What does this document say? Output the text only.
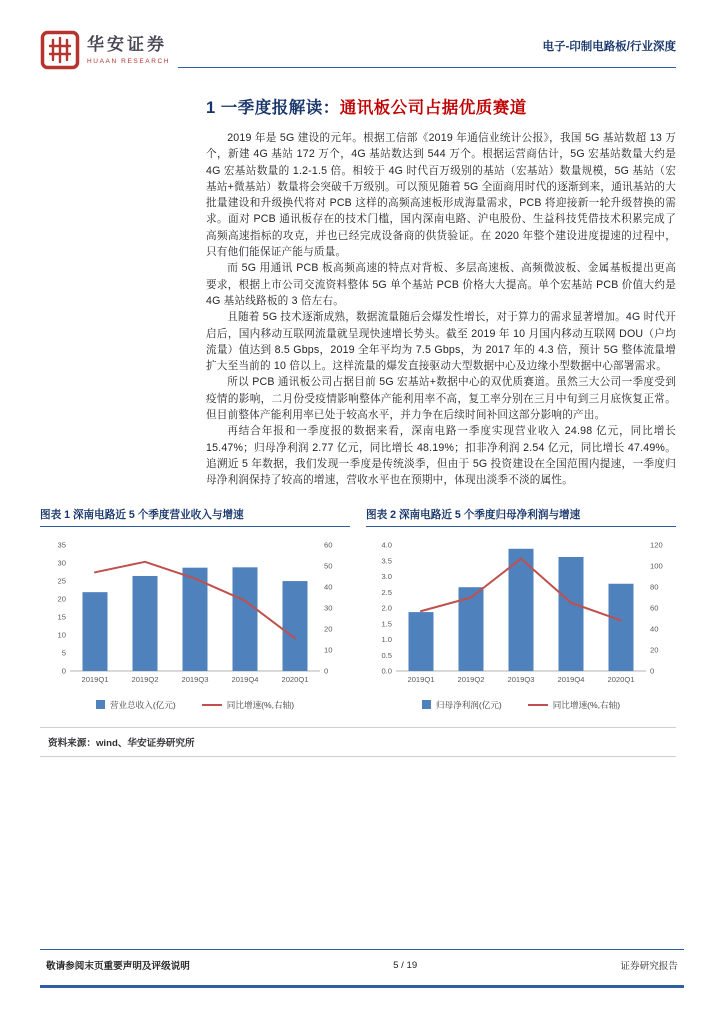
华安证券
HUAAN RESEARCH
电子-印制电路板/行业深度
1 一季度报解读：通讯板公司占据优质赛道

2019 年是 5G 建设的元年。根据工信部《2019 年通信业统计公报》，我国 5G 基站数超 13 万个，新建 4G 基站 172 万个，4G 基站数达到 544 万个。根据运营商估计，5G 宏基站数量大约是 4G 宏基站数量的 1.2-1.5 倍。相较于 4G 时代百万级别的基站（宏基站）数量规模，5G 基站（宏基站+微基站）数量将会突破千万级别。可以预见随着 5G 全面商用时代的逐渐到来，通讯基站的大批量建设和升级换代将对 PCB 这样的高频高速板形成海量需求，PCB 将迎接新一轮升级替换的需求。面对 PCB 通讯板存在的技术门槛，国内深南电路、沪电股份、生益科技凭借技术积累完成了高频高速指标的攻克，并也已经完成设备商的供货验证。在 2020 年整个建设进度提速的过程中，只有他们能保证产能与质量。

而 5G 用通讯 PCB 板高频高速的特点对背板、多层高速板、高频微波板、金属基板提出更高要求，根据上市公司交流资料整体 5G 单个基站 PCB 价格大大提高。单个宏基站 PCB 价值大约是 4G 基站线路板的 3 倍左右。

且随着 5G 技术逐渐成熟，数据流量随后会爆发性增长，对于算力的需求显著增加。4G 时代开启后，国内移动互联网流量就呈现快速增长势头。截至 2019 年 10 月国内移动互联网 DOU（户均流量）值达到 8.5 Gbps，2019 全年平均为 7.5 Gbps，为 2017 年的 4.3 倍，预计 5G 整体流量增扩大至当前的 10 倍以上。这样流量的爆发直接驱动大型数据中心及边缘小型数据中心部署需求。

所以 PCB 通讯板公司占据目前 5G 宏基站+数据中心的双优质赛道。虽然三大公司一季度受到疫情的影响，二月份受疫情影响整体产能利用率不高，复工率分别在三月中旬到三月底恢复正常。但目前整体产能利用率已处于较高水平，并力争在后续时间补回这部分影响的产出。

再结合年报和一季度报的数据来看，深南电路一季度实现营业收入 24.98 亿元，同比增长 15.47%；归母净利润 2.77 亿元，同比增长 48.19%；扣非净利润 2.54 亿元，同比增长 47.49%。追溯近 5 年数据，我们发现一季度是传统淡季，但由于 5G 投资建设在全国范围内提速，一季度归母净利润保持了较高的增速，营收水平也在预期中，体现出淡季不淡的属性。

图表 1 深南电路近 5 个季度营业收入与增速
0
5
10
15
20
25
30
35
0
10
20
30
40
50
60
2019Q1	2019Q2	2019Q3	2019Q4	2020Q1
营业总收入(亿元)	同比增速(%,右轴)
图表 2 深南电路近 5 个季度归母净利润与增速
0.0
0.5
1.0
1.5
2.0
2.5
3.0
3.5
4.0
0
20
40
60
80
100
120
2019Q1	2019Q2	2019Q3	2019Q4	2020Q1
归母净利润(亿元)	同比增速(%,右轴)
资料来源：wind、华安证券研究所
敬请参阅末页重要声明及评级说明	5 / 19	证券研究报告
